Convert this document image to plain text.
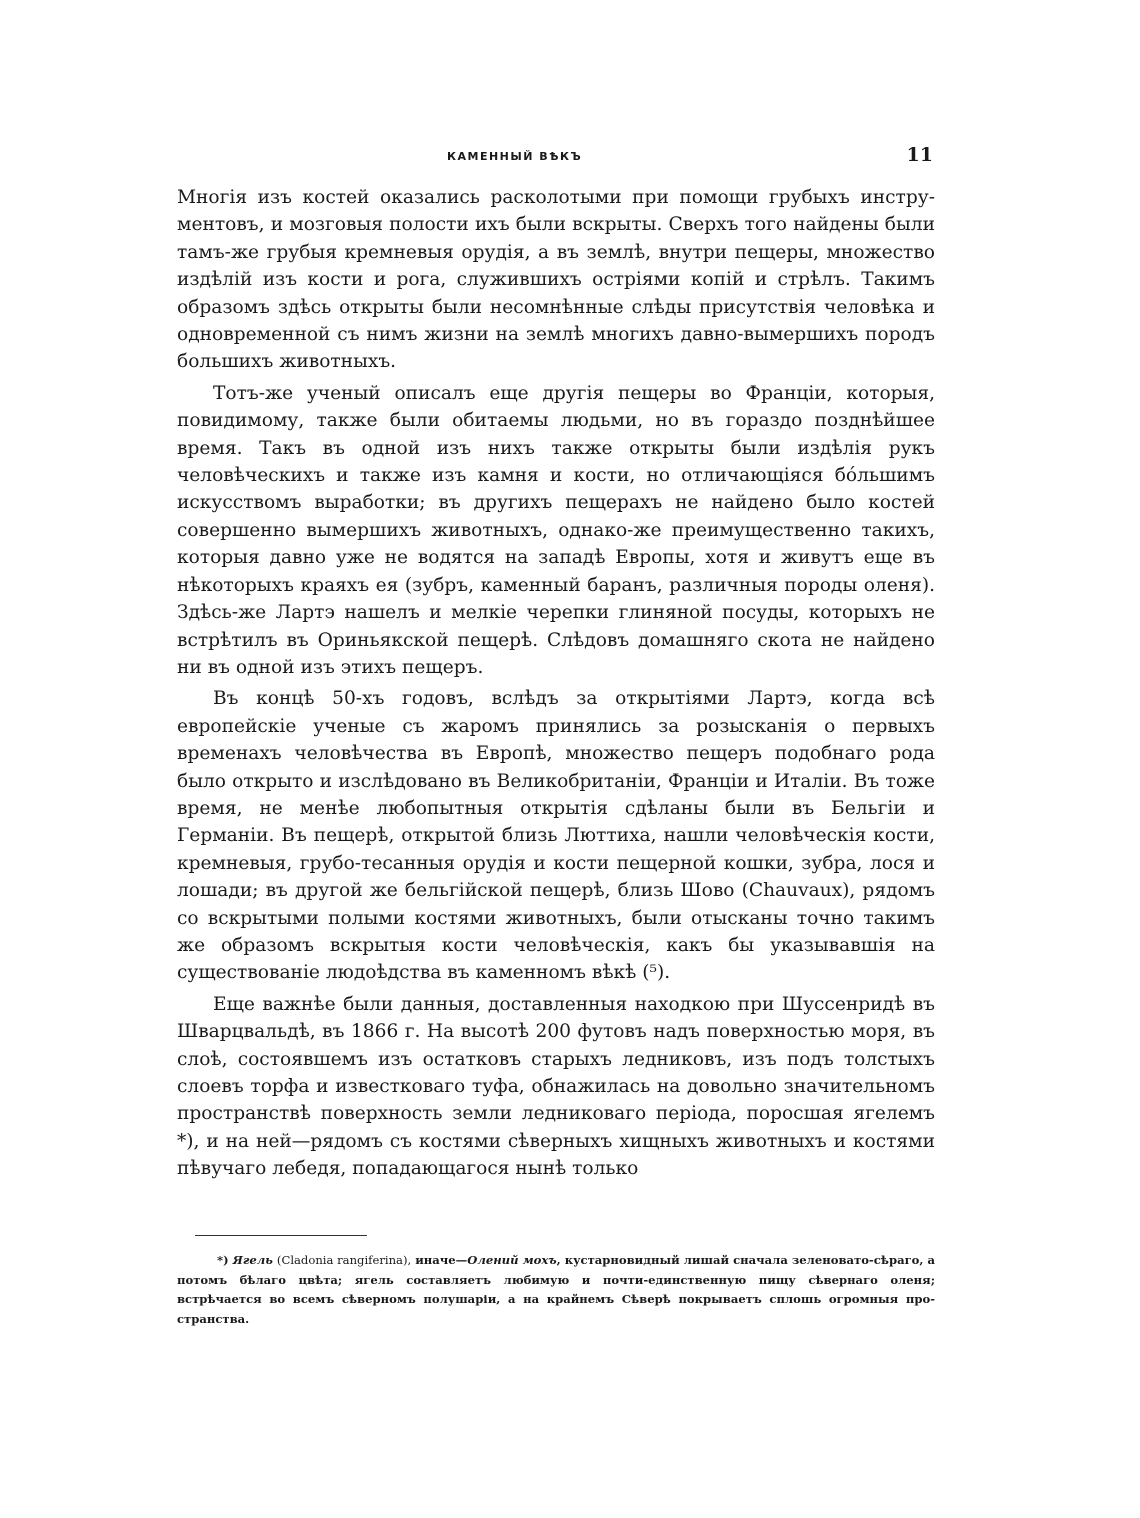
КАМЕННЫЙ ВѢКЪ	11

Многія изъ костей оказались расколотыми при помощи грубыхъ инструментовъ, и мозговыя полости ихъ были вскрыты. Сверхъ того найдены были тамъ-же грубыя кремневыя орудія, а въ землѣ, внутри пещеры, множество издѣлій изъ кости и рога, служившихъ остріями копій и стрѣлъ. Такимъ образомъ здѣсь открыты были несомнѣнные слѣды присутствія человѣка и одновременной съ нимъ жизни на землѣ многихъ давно-вымершихъ породъ большихъ животныхъ.

Тотъ-же ученый описалъ еще другія пещеры во Франціи, которыя, повидимому, также были обитаемы людьми, но въ гораздо позднѣйшее время. Такъ въ одной изъ нихъ также открыты были издѣлія рукъ человѣческихъ и также изъ камня и кости, но отличающіяся бóльшимъ искусствомъ выработки; въ другихъ пещерахъ не найдено было костей совершенно вымершихъ животныхъ, однако-же преимущественно такихъ, которыя давно уже не водятся на западѣ Европы, хотя и живутъ еще въ нѣкоторыхъ краяхъ ея (зубръ, каменный баранъ, различныя породы оленя). Здѣсь-же Лартэ нашелъ и мелкіе черепки глиняной посуды, которыхъ не встрѣтилъ въ Ориньякской пещерѣ. Слѣдовъ домашняго скота не найдено ни въ одной изъ этихъ пещеръ.

Въ концѣ 50-хъ годовъ, вслѣдъ за открытіями Лартэ, когда всѣ европейскіе ученые съ жаромъ принялись за розысканія о первыхъ временахъ человѣчества въ Европѣ, множество пещеръ подобнаго рода было открыто и изслѣдовано въ Великобританіи, Франціи и Италіи. Въ тоже время, не менѣе любопытныя открытія сдѣланы были въ Бельгіи и Германіи. Въ пещерѣ, открытой близь Люттиха, нашли человѣческія кости, кремневыя, грубо-тесанныя орудія и кости пещерной кошки, зубра, лося и лошади; въ другой же бельгійской пещерѣ, близь Шово (Chauvaux), рядомъ со вскрытыми полыми костями животныхъ, были отысканы точно такимъ же образомъ вскрытыя кости человѣческія, какъ бы указывавшія на существованіе людоѣдства въ каменномъ вѣкѣ (⁵).

Еще важнѣе были данныя, доставленныя находкою при Шуссенридѣ въ Шварцвальдѣ, въ 1866 г. На высотѣ 200 футовъ надъ поверхностью моря, въ слоѣ, состоявшемъ изъ остатковъ старыхъ ледниковъ, изъ подъ толстыхъ слоевъ торфа и известковаго туфа, обнажилась на довольно значительномъ пространствѣ поверхность земли ледниковаго періода, поросшая ягелемъ *), и на ней—рядомъ съ костями сѣверныхъ хищныхъ животныхъ и костями пѣвучаго лебедя, попадающагося нынѣ только

*) Ягель (Cladonia rangiferina), иначе—Олений мохъ, кустарновидный лишай сначала зеленовато-сѣраго, а потомъ бѣлаго цвѣта; ягель составляетъ любимую и почти-единственную пищу сѣвернаго оленя; встрѣчается во всемъ сѣверномъ полушаріи, а на крайнемъ Сѣверѣ покрываетъ сплошь огромныя пространства.
